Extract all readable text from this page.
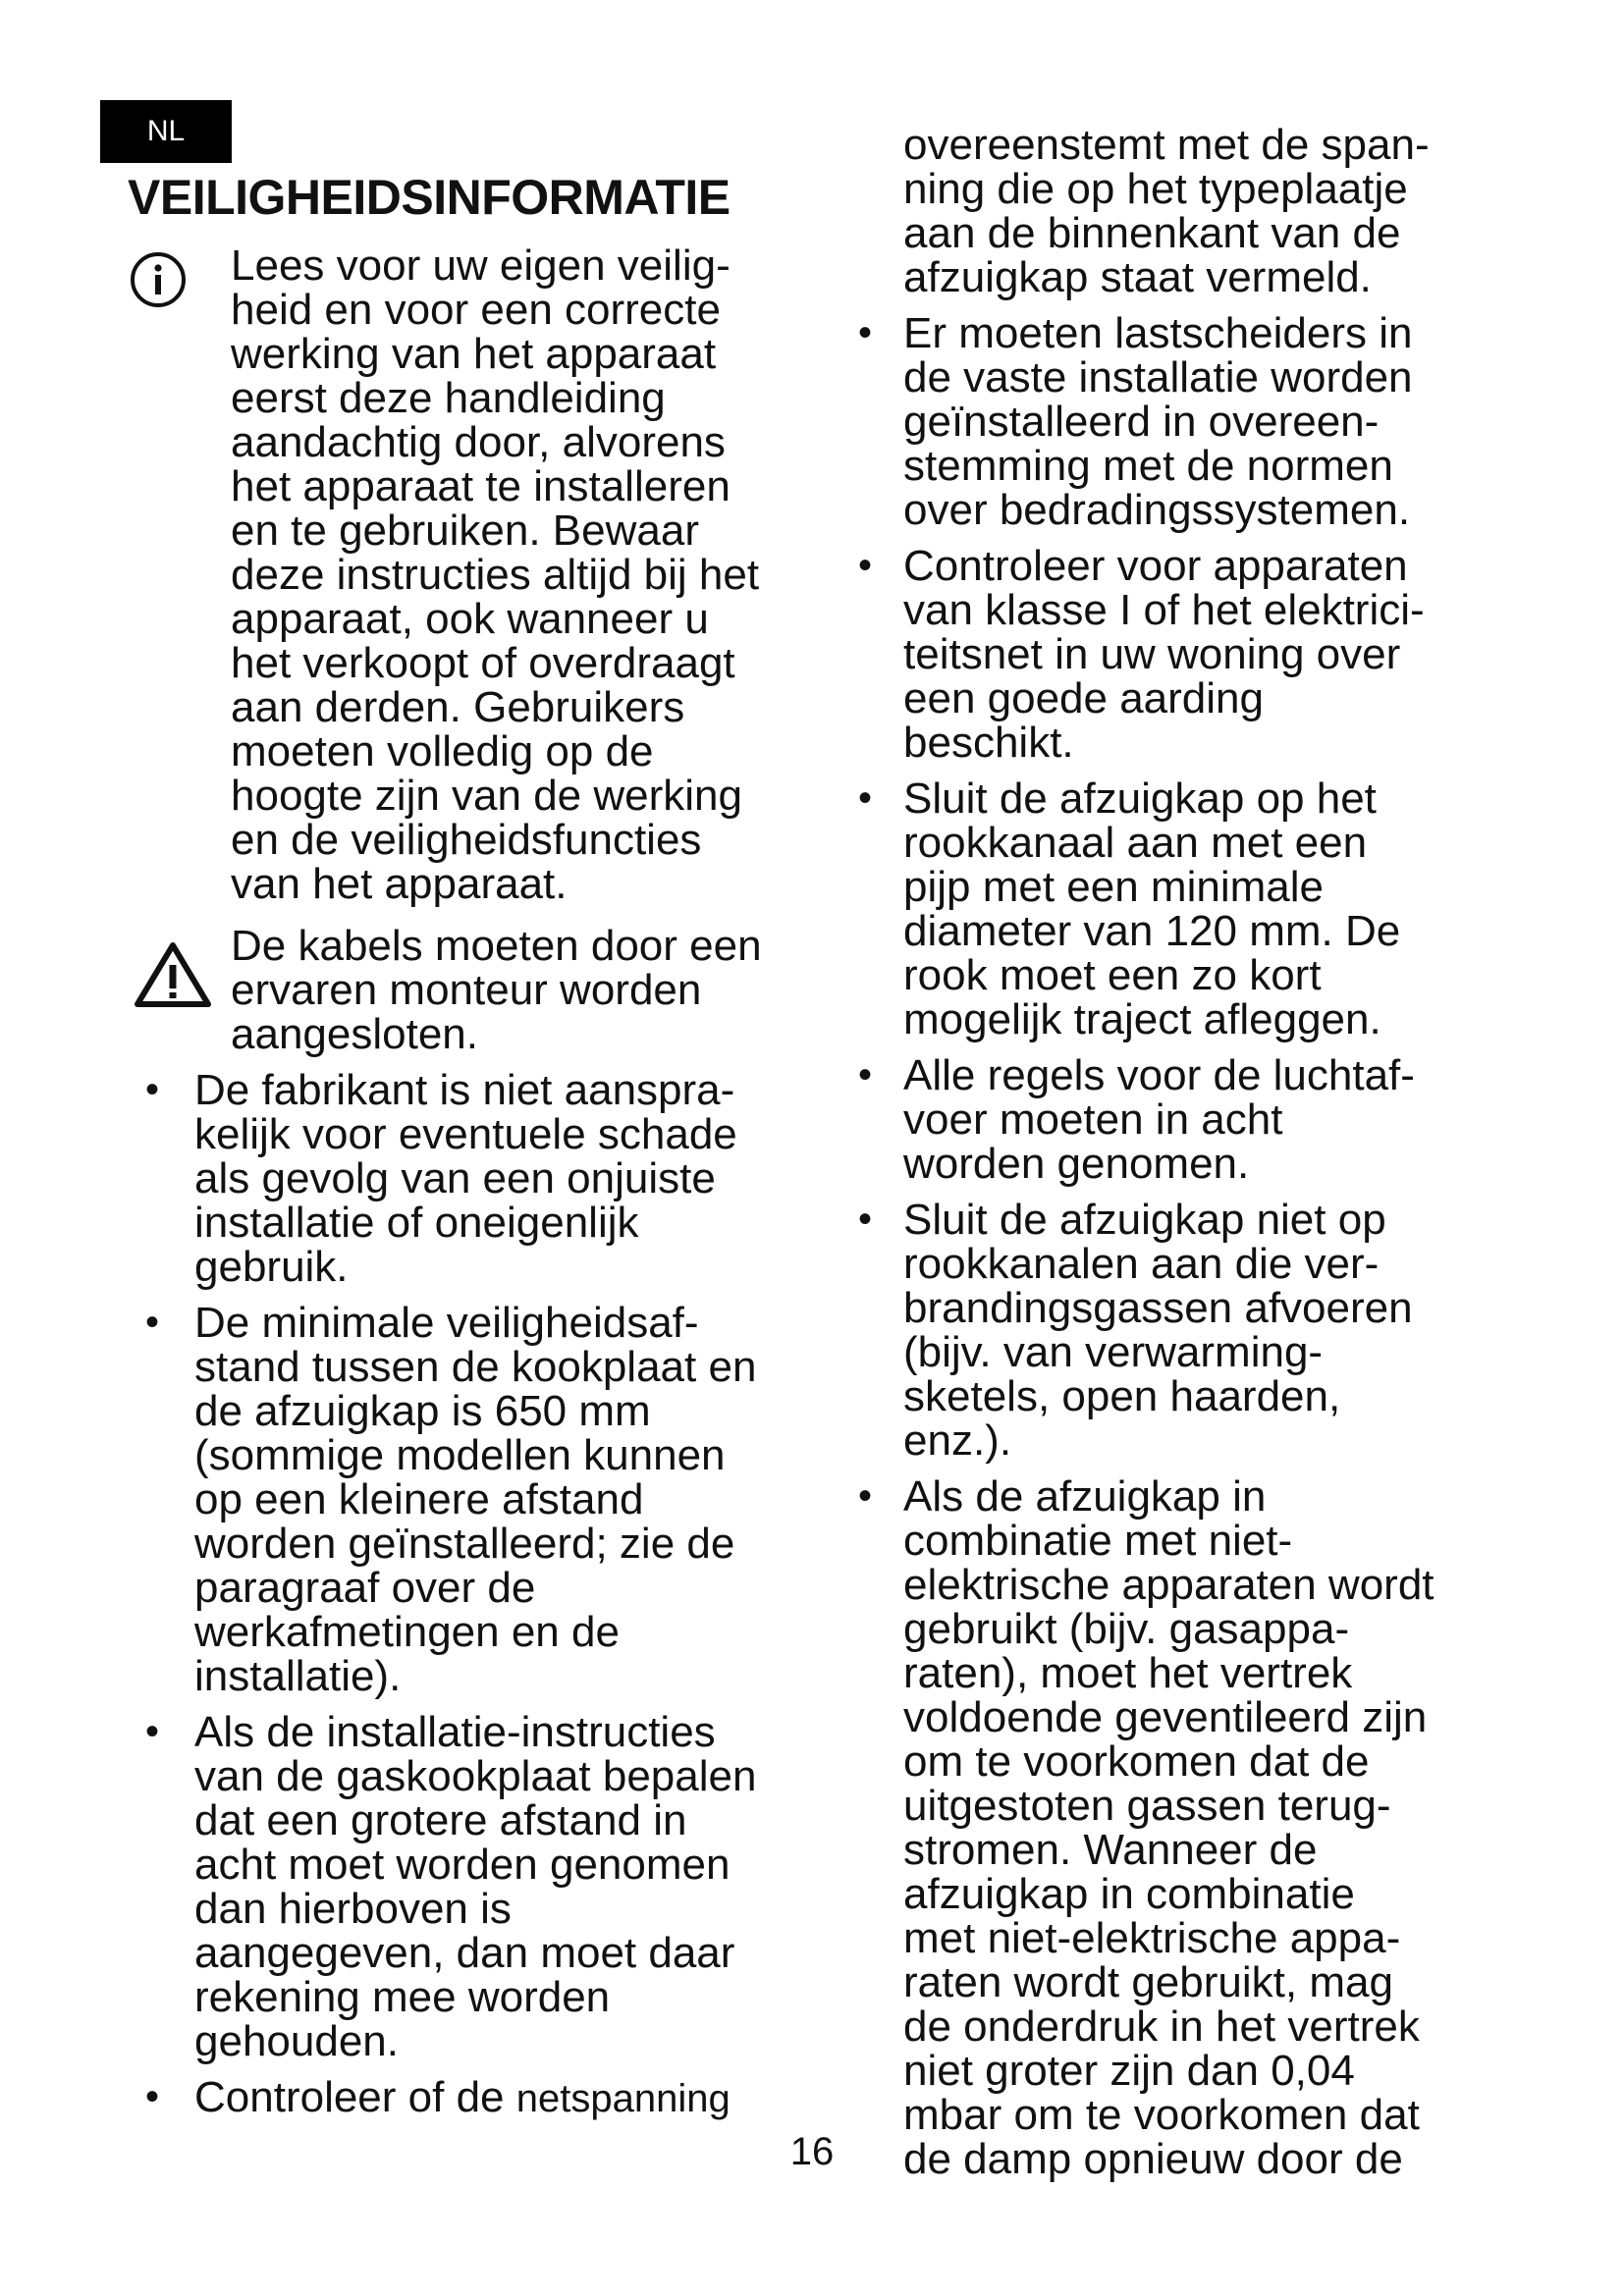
NL
VEILIGHEIDSINFORMATIE
Lees voor uw eigen veilig-
heid en voor een correcte
werking van het apparaat
eerst deze handleiding
aandachtig door, alvorens
het apparaat te installeren
en te gebruiken. Bewaar
deze instructies altijd bij het
apparaat, ook wanneer u
het verkoopt of overdraagt
aan derden. Gebruikers
moeten volledig op de
hoogte zijn van de werking
en de veiligheidsfuncties
van het apparaat.
De kabels moeten door een
ervaren monteur worden
aangesloten.
• De fabrikant is niet aanspra-
kelijk voor eventuele schade
als gevolg van een onjuiste
installatie of oneigenlijk
gebruik.
• De minimale veiligheidsaf-
stand tussen de kookplaat en
de afzuigkap is 650 mm
(sommige modellen kunnen
op een kleinere afstand
worden geïnstalleerd; zie de
paragraaf over de
werkafmetingen en de
installatie).
• Als de installatie-instructies
van de gaskookplaat bepalen
dat een grotere afstand in
acht moet worden genomen
dan hierboven is
aangegeven, dan moet daar
rekening mee worden
gehouden.
• Controleer of de netspanning
overeenstemt met de span-
ning die op het typeplaatje
aan de binnenkant van de
afzuigkap staat vermeld.
• Er moeten lastscheiders in
de vaste installatie worden
geïnstalleerd in overeen-
stemming met de normen
over bedradingssystemen.
• Controleer voor apparaten
van klasse I of het elektrici-
teitsnet in uw woning over
een goede aarding
beschikt.
• Sluit de afzuigkap op het
rookkanaal aan met een
pijp met een minimale
diameter van 120 mm. De
rook moet een zo kort
mogelijk traject afleggen.
• Alle regels voor de luchtaf-
voer moeten in acht
worden genomen.
• Sluit de afzuigkap niet op
rookkanalen aan die ver-
brandingsgassen afvoeren
(bijv. van verwarming-
sketels, open haarden,
enz.).
• Als de afzuigkap in
combinatie met niet-
elektrische apparaten wordt
gebruikt (bijv. gasappa-
raten), moet het vertrek
voldoende geventileerd zijn
om te voorkomen dat de
uitgestoten gassen terug-
stromen. Wanneer de
afzuigkap in combinatie
met niet-elektrische appa-
raten wordt gebruikt, mag
de onderdruk in het vertrek
niet groter zijn dan 0,04
mbar om te voorkomen dat
de damp opnieuw door de
16
